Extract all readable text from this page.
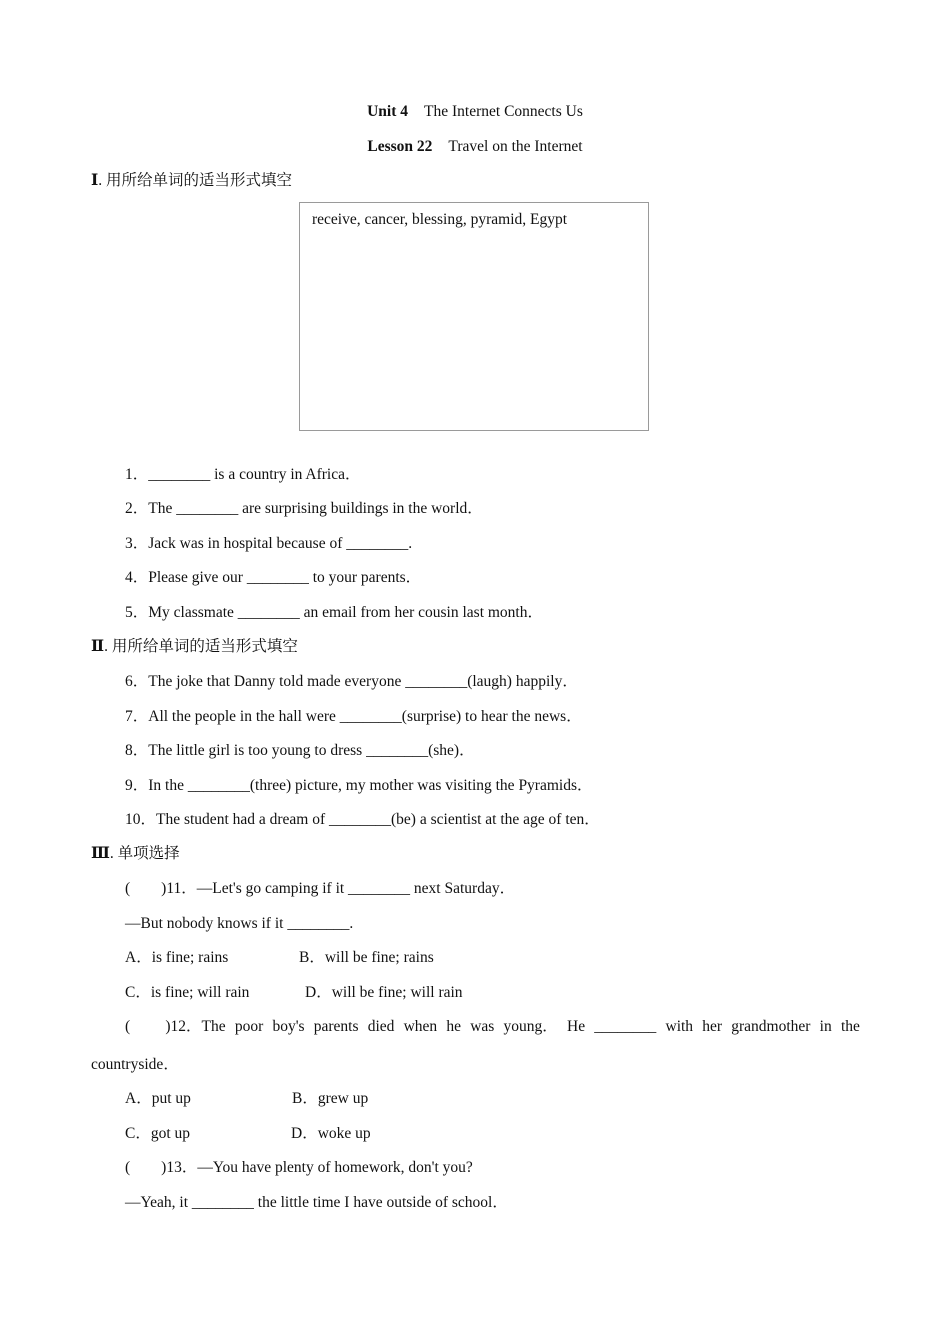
Unit 4 The Internet Connects Us
Lesson 22 Travel on the Internet
Ⅰ. 用所给单词的适当形式填空
receive, cancer, blessing, pyramid, Egypt
1．________ is a country in Africa．
2．The ________ are surprising buildings in the world．
3．Jack was in hospital because of ________.
4．Please give our ________ to your parents．
5．My classmate ________ an email from her cousin last month．
Ⅱ. 用所给单词的适当形式填空
6．The joke that Danny told made everyone ________(laugh) happily．
7．All the people in the hall were ________(surprise) to hear the news．
8．The little girl is too young to dress ________(she)．
9．In the ________(three) picture, my mother was visiting the Pyramids．
10．The student had a dream of ________(be) a scientist at the age of ten．
Ⅲ. 单项选择
(        )11．—Let's go camping if it ________ next Saturday．
—But nobody knows if it ________.
A．is fine; rains	B．will be fine; rains
C．is fine; will rain	D．will be fine; will rain
( )12．The poor boy's parents died when he was young． He ________ with her grandmother in the
countryside．
A．put up	B．grew up
C．got up	D．woke up
(        )13．—You have plenty of homework, don't you?
—Yeah, it ________ the little time I have outside of school．
